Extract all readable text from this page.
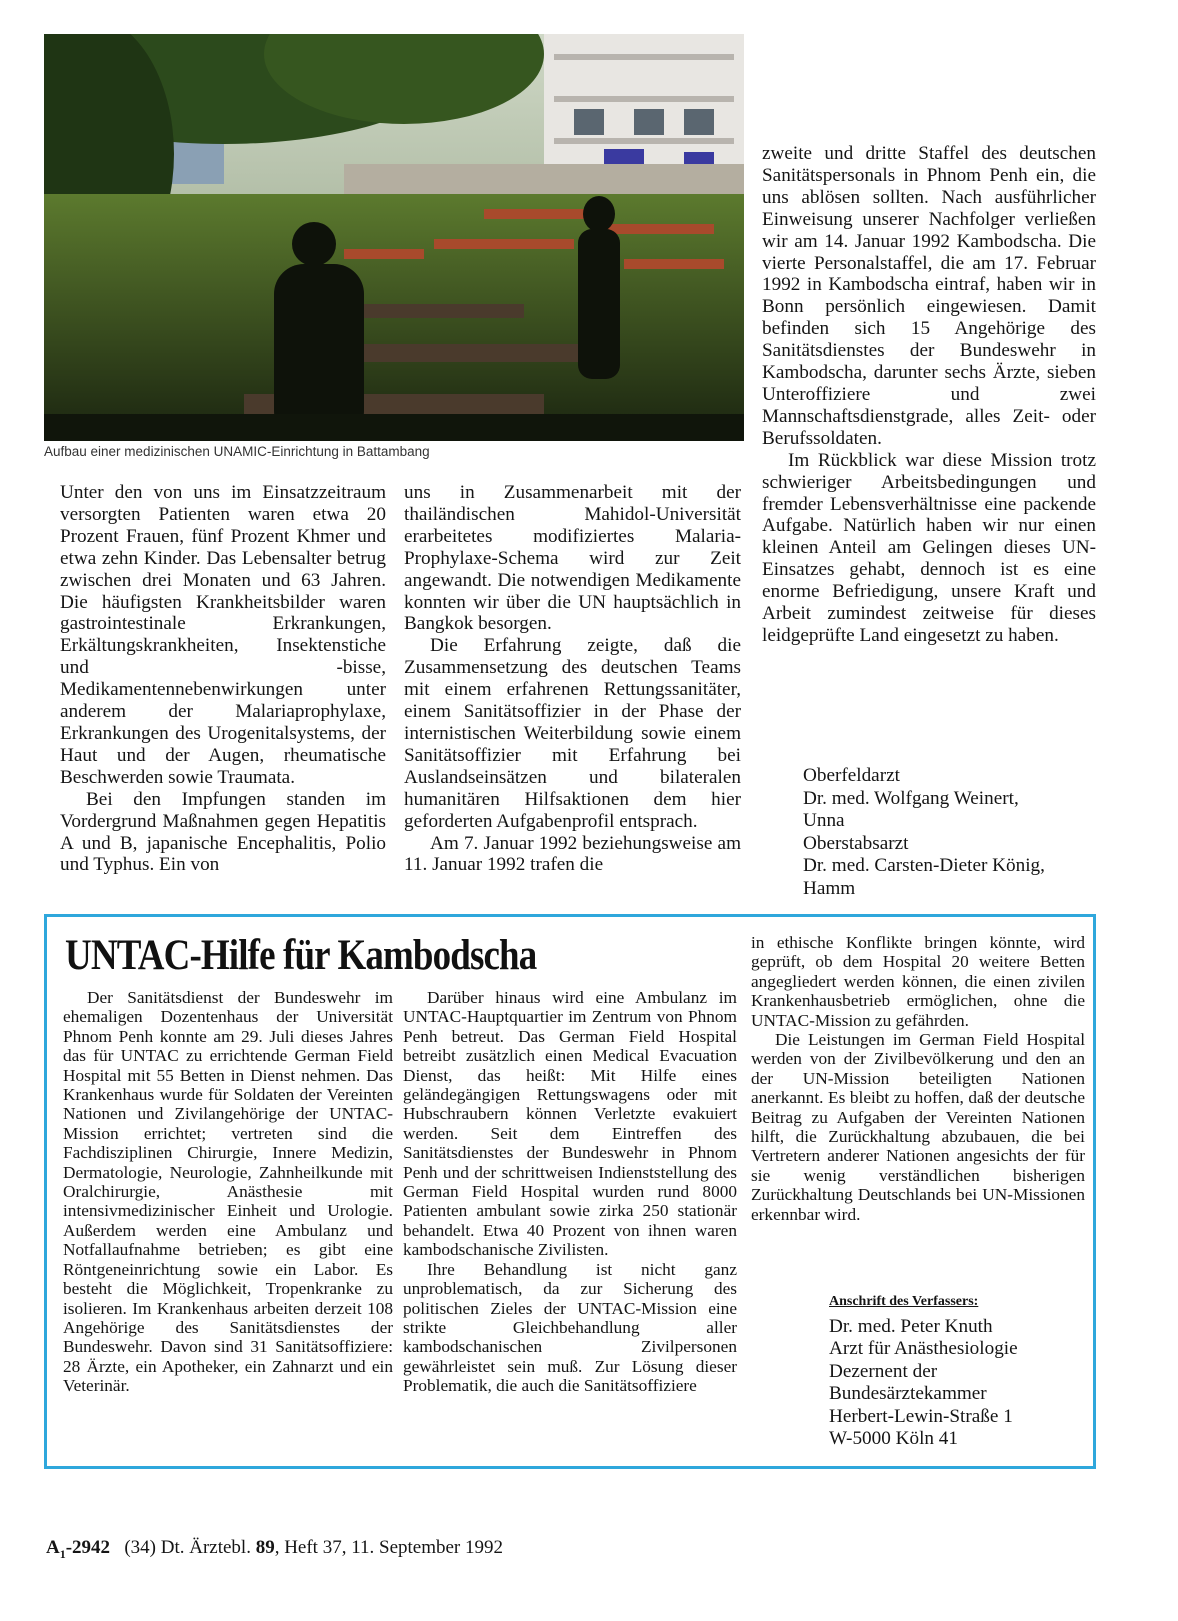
Aufbau einer medizinischen UNAMIC-Einrichtung in Battambang

Unter den von uns im Einsatzzeitraum versorgten Patienten waren etwa 20 Prozent Frauen, fünf Prozent Khmer und etwa zehn Kinder. Das Lebensalter betrug zwischen drei Monaten und 63 Jahren. Die häufigsten Krankheitsbilder waren gastrointestinale Erkrankungen, Erkältungskrankheiten, Insektenstiche und -bisse, Medikamentennebenwirkungen unter anderem der Malariaprophylaxe, Erkrankungen des Urogenitalsystems, der Haut und der Augen, rheumatische Beschwerden sowie Traumata.

Bei den Impfungen standen im Vordergrund Maßnahmen gegen Hepatitis A und B, japanische Encephalitis, Polio und Typhus. Ein von

uns in Zusammenarbeit mit der thailändischen Mahidol-Universität erarbeitetes modifiziertes Malaria-Prophylaxe-Schema wird zur Zeit angewandt. Die notwendigen Medikamente konnten wir über die UN hauptsächlich in Bangkok besorgen.

Die Erfahrung zeigte, daß die Zusammensetzung des deutschen Teams mit einem erfahrenen Rettungssanitäter, einem Sanitätsoffizier in der Phase der internistischen Weiterbildung sowie einem Sanitätsoffizier mit Erfahrung bei Auslandseinsätzen und bilateralen humanitären Hilfsaktionen dem hier geforderten Aufgabenprofil entsprach.

Am 7. Januar 1992 beziehungsweise am 11. Januar 1992 trafen die

zweite und dritte Staffel des deutschen Sanitätspersonals in Phnom Penh ein, die uns ablösen sollten. Nach ausführlicher Einweisung unserer Nachfolger verließen wir am 14. Januar 1992 Kambodscha. Die vierte Personalstaffel, die am 17. Februar 1992 in Kambodscha eintraf, haben wir in Bonn persönlich eingewiesen. Damit befinden sich 15 Angehörige des Sanitätsdienstes der Bundeswehr in Kambodscha, darunter sechs Ärzte, sieben Unteroffiziere und zwei Mannschaftsdienstgrade, alles Zeit- oder Berufssoldaten.

Im Rückblick war diese Mission trotz schwieriger Arbeitsbedingungen und fremder Lebensverhältnisse eine packende Aufgabe. Natürlich haben wir nur einen kleinen Anteil am Gelingen dieses UN-Einsatzes gehabt, dennoch ist es eine enorme Befriedigung, unsere Kraft und Arbeit zumindest zeitweise für dieses leidgeprüfte Land eingesetzt zu haben.

Oberfeldarzt
Dr. med. Wolfgang Weinert,
Unna
Oberstabsarzt
Dr. med. Carsten-Dieter König,
Hamm
UNTAC-Hilfe für Kambodscha

Der Sanitätsdienst der Bundeswehr im ehemaligen Dozentenhaus der Universität Phnom Penh konnte am 29. Juli dieses Jahres das für UNTAC zu errichtende German Field Hospital mit 55 Betten in Dienst nehmen. Das Krankenhaus wurde für Soldaten der Vereinten Nationen und Zivilangehörige der UNTAC-Mission errichtet; vertreten sind die Fachdisziplinen Chirurgie, Innere Medizin, Dermatologie, Neurologie, Zahnheilkunde mit Oralchirurgie, Anästhesie mit intensivmedizinischer Einheit und Urologie. Außerdem werden eine Ambulanz und Notfallaufnahme betrieben; es gibt eine Röntgeneinrichtung sowie ein Labor. Es besteht die Möglichkeit, Tropenkranke zu isolieren. Im Krankenhaus arbeiten derzeit 108 Angehörige des Sanitätsdienstes der Bundeswehr. Davon sind 31 Sanitätsoffiziere: 28 Ärzte, ein Apotheker, ein Zahnarzt und ein Veterinär.

Darüber hinaus wird eine Ambulanz im UNTAC-Hauptquartier im Zentrum von Phnom Penh betreut. Das German Field Hospital betreibt zusätzlich einen Medical Evacuation Dienst, das heißt: Mit Hilfe eines geländegängigen Rettungswagens oder mit Hubschraubern können Verletzte evakuiert werden. Seit dem Eintreffen des Sanitätsdienstes der Bundeswehr in Phnom Penh und der schrittweisen Indienststellung des German Field Hospital wurden rund 8000 Patienten ambulant sowie zirka 250 stationär behandelt. Etwa 40 Prozent von ihnen waren kambodschanische Zivilisten.

Ihre Behandlung ist nicht ganz unproblematisch, da zur Sicherung des politischen Zieles der UNTAC-Mission eine strikte Gleichbehandlung aller kambodschanischen Zivilpersonen gewährleistet sein muß. Zur Lösung dieser Problematik, die auch die Sanitätsoffiziere

in ethische Konflikte bringen könnte, wird geprüft, ob dem Hospital 20 weitere Betten angegliedert werden können, die einen zivilen Krankenhausbetrieb ermöglichen, ohne die UNTAC-Mission zu gefährden.

Die Leistungen im German Field Hospital werden von der Zivilbevölkerung und den an der UN-Mission beteiligten Nationen anerkannt. Es bleibt zu hoffen, daß der deutsche Beitrag zu Aufgaben der Vereinten Nationen hilft, die Zurückhaltung abzubauen, die bei Vertretern anderer Nationen angesichts der für sie wenig verständlichen bisherigen Zurückhaltung Deutschlands bei UN-Missionen erkennbar wird.

Anschrift des Verfassers:
Dr. med. Peter Knuth
Arzt für Anästhesiologie
Dezernent der
Bundesärztekammer
Herbert-Lewin-Straße 1
W-5000 Köln 41
$A_1-2942$ (34) Dt. Ärztebl. 89, Heft 37, 11. September 1992
